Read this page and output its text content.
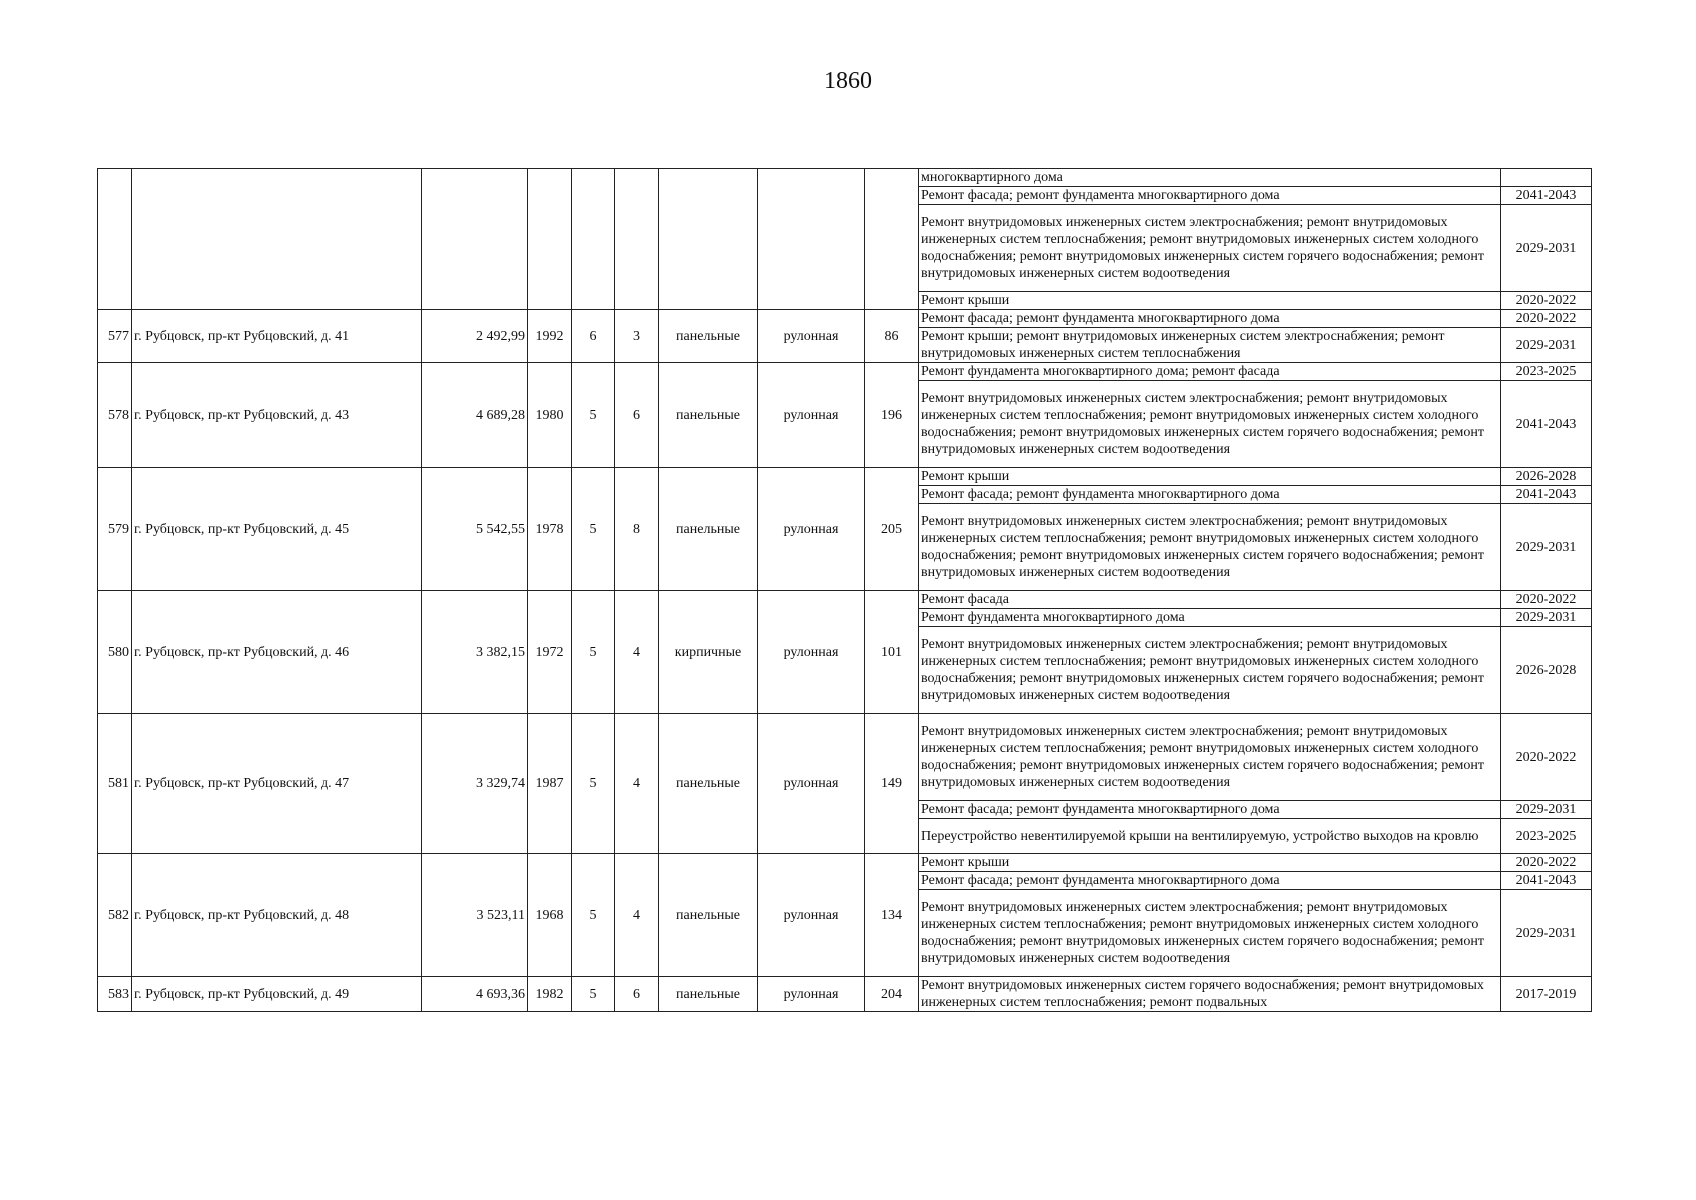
1860
									многоквартирного дома	
									Ремонт фасада; ремонт фундамента многоквартирного дома	2041-2043
									Ремонт внутридомовых инженерных систем электроснабжения; ремонт внутридомовых инженерных систем теплоснабжения; ремонт внутридомовых инженерных систем холодного водоснабжения; ремонт внутридомовых инженерных систем горячего водоснабжения; ремонт внутридомовых инженерных систем водоотведения	2029-2031
									Ремонт крыши	2020-2022
577	г. Рубцовск, пр-кт Рубцовский, д. 41	2 492,99	1992	6	3	панельные	рулонная	86	Ремонт фасада; ремонт фундамента многоквартирного дома	2020-2022
									Ремонт крыши; ремонт внутридомовых инженерных систем электроснабжения; ремонт внутридомовых инженерных систем теплоснабжения	2029-2031
578	г. Рубцовск, пр-кт Рубцовский, д. 43	4 689,28	1980	5	6	панельные	рулонная	196	Ремонт фундамента многоквартирного дома; ремонт фасада	2023-2025
									Ремонт внутридомовых инженерных систем электроснабжения; ремонт внутридомовых инженерных систем теплоснабжения; ремонт внутридомовых инженерных систем холодного водоснабжения; ремонт внутридомовых инженерных систем горячего водоснабжения; ремонт внутридомовых инженерных систем водоотведения	2041-2043
579	г. Рубцовск, пр-кт Рубцовский, д. 45	5 542,55	1978	5	8	панельные	рулонная	205	Ремонт крыши	2026-2028
									Ремонт фасада; ремонт фундамента многоквартирного дома	2041-2043
									Ремонт внутридомовых инженерных систем электроснабжения; ремонт внутридомовых инженерных систем теплоснабжения; ремонт внутридомовых инженерных систем холодного водоснабжения; ремонт внутридомовых инженерных систем горячего водоснабжения; ремонт внутридомовых инженерных систем водоотведения	2029-2031
580	г. Рубцовск, пр-кт Рубцовский, д. 46	3 382,15	1972	5	4	кирпичные	рулонная	101	Ремонт фасада	2020-2022
									Ремонт фундамента многоквартирного дома	2029-2031
									Ремонт внутридомовых инженерных систем электроснабжения; ремонт внутридомовых инженерных систем теплоснабжения; ремонт внутридомовых инженерных систем холодного водоснабжения; ремонт внутридомовых инженерных систем горячего водоснабжения; ремонт внутридомовых инженерных систем водоотведения	2026-2028
581	г. Рубцовск, пр-кт Рубцовский, д. 47	3 329,74	1987	5	4	панельные	рулонная	149	Ремонт внутридомовых инженерных систем электроснабжения; ремонт внутридомовых инженерных систем теплоснабжения; ремонт внутридомовых инженерных систем холодного водоснабжения; ремонт внутридомовых инженерных систем горячего водоснабжения; ремонт внутридомовых инженерных систем водоотведения	2020-2022
									Ремонт фасада; ремонт фундамента многоквартирного дома	2029-2031
									Переустройство невентилируемой крыши на вентилируемую, устройство выходов на кровлю	2023-2025
582	г. Рубцовск, пр-кт Рубцовский, д. 48	3 523,11	1968	5	4	панельные	рулонная	134	Ремонт крыши	2020-2022
									Ремонт фасада; ремонт фундамента многоквартирного дома	2041-2043
									Ремонт внутридомовых инженерных систем электроснабжения; ремонт внутридомовых инженерных систем теплоснабжения; ремонт внутридомовых инженерных систем холодного водоснабжения; ремонт внутридомовых инженерных систем горячего водоснабжения; ремонт внутридомовых инженерных систем водоотведения	2029-2031
583	г. Рубцовск, пр-кт Рубцовский, д. 49	4 693,36	1982	5	6	панельные	рулонная	204	Ремонт внутридомовых инженерных систем горячего водоснабжения; ремонт внутридомовых инженерных систем теплоснабжения; ремонт подвальных	2017-2019
